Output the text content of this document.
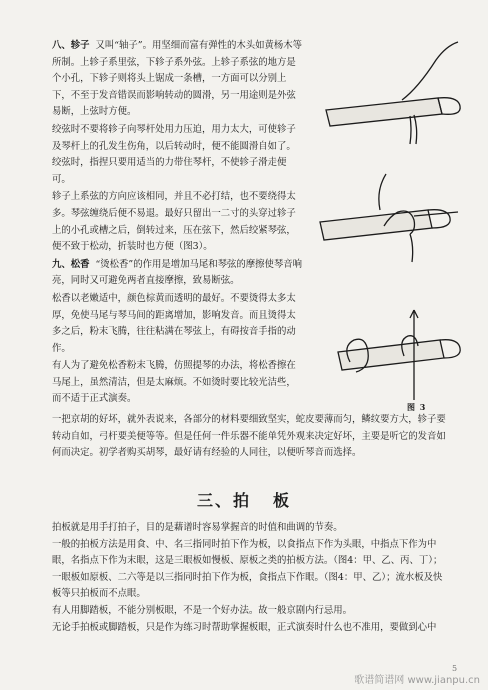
八、轸子 又叫“轴子”。用坚细而富有弹性的木头如黄杨木等所制。上轸子系里弦，下轸子系外弦。上轸子系弦的地方是个小孔，下轸子则将头上锯成一条槽，一方面可以分别上下，不至于发音错误而影响转动的圆滑，另一用途则是外弦易断，上弦时方便。

绞弦时不要将轸子向琴杆处用力压迫，用力太大，可使轸子及琴杆上的孔发生伤角，以后转动时，便不能圆滑自如了。绞弦时，指捏只要用适当的力带住琴杆，不使轸子滑走便可。

轸子上系弦的方向应该相同，并且不必打结，也不要绕得太多。琴弦缠绕后便不易退。最好只留出一二寸的头穿过轸子上的小孔或槽之后，倒转过来，压在弦下，然后绞紧琴弦，便不致于松动，折装时也方便（图3）。

九、松香 “烫松香”的作用是增加马尾和琴弦的摩擦使琴音响亮，同时又可避免两者直接摩擦，致易断弦。

松香以老嫩适中，颜色棕黄而透明的最好。不要烫得太多太厚，免使马尾与琴马间的距离增加，影响发音。而且烫得太多之后，粉末飞腾，往往粘满在琴弦上，有碍按音手指的动作。

有人为了避免松香粉末飞腾，仿照提琴的办法，将松香擦在马尾上，虽然清洁，但是太麻烦。不如烫时要比较光洁些，而不适于正式演奏。

图 3

一把京胡的好坏，就外表说来，各部分的材料要细致坚实，蛇皮要薄而匀，鳞纹要方大，轸子要转动自如，弓杆要美便等等。但是任何一件乐器不能单凭外观来决定好坏，主要是听它的发音如何而决定。初学者购买胡琴，最好请有经验的人同往，以便听琴音而选择。

三、拍 板

拍板就是用手打拍子，目的是藉谱时容易掌握音的时值和曲调的节奏。

一般的拍板方法是用食、中、名三指同时拍下作为板，以食指点下作为头眼，中指点下作为中眼，名指点下作为末眼，这是三眼板如慢板、原板之类的拍板方法。（图4：甲、乙、丙、丁）；一眼板如原板、二六等是以三指同时拍下作为板，食指点下作眼。（图4：甲、乙）；流水板及快板等只拍板而不点眼。

有人用脚踏板，不能分别板眼，不是一个好办法。故一般京剧内行忌用。

无论手拍板或脚踏板，只是作为练习时帮助掌握板眼，正式演奏时什么也不准用，要做到心中

5
歌谱简谱网 www.jianpu.cn
